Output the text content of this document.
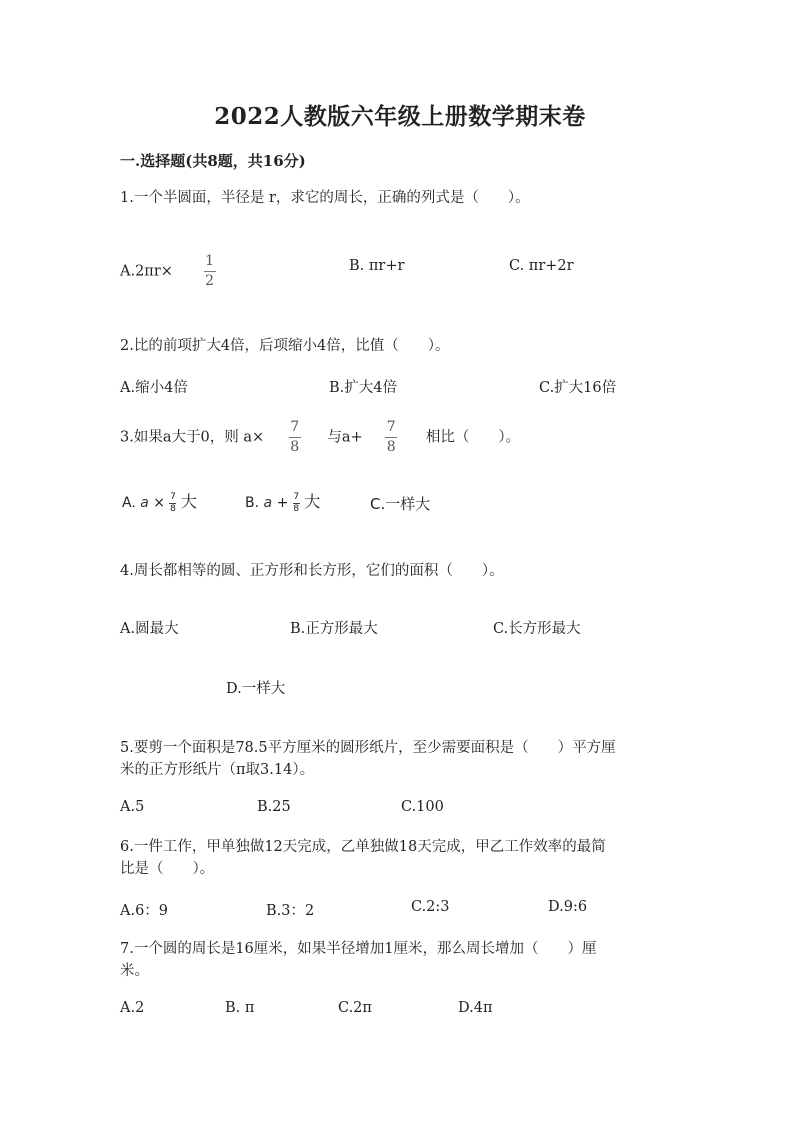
2022人教版六年级上册数学期末卷
一.选择题(共8题，共16分)
1.一个半圆面，半径是 r，求它的周长，正确的列式是（　　）。
$A.2\pi r\times \frac{1}{2}$	B. πr+r	C. πr+2r
2.比的前项扩大4倍，后项缩小4倍，比值（　　）。
A.缩小4倍	B.扩大4倍	C.扩大16倍
3.如果a大于0，则 $a\times \frac{7}{8}$ 与$a+ \frac{7}{8}$ 相比（　　）。
A. $a \times \frac{7}{8}$ 大	B. $a + \frac{7}{8}$ 大	C.一样大
4.周长都相等的圆、正方形和长方形，它们的面积（　　）。
A.圆最大	B.正方形最大	C.长方形最大
D.一样大
5.要剪一个面积是78.5平方厘米的圆形纸片，至少需要面积是（　　）平方厘
米的正方形纸片（π取3.14）。
A.5	B.25	C.100
6.一件工作，甲单独做12天完成，乙单独做18天完成，甲乙工作效率的最简
比是（　　）。
A.6：9	B.3：2	C.2:3	D.9:6
7.一个圆的周长是16厘米，如果半径增加1厘米，那么周长增加（　　）厘
米。
A.2	B. π	C.2π	D.4π
